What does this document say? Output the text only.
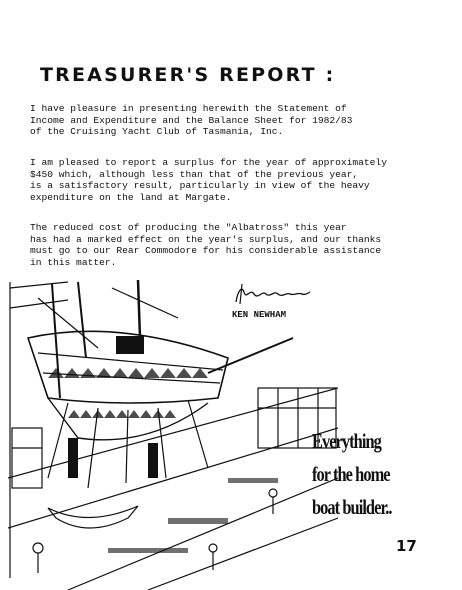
TREASURER'S REPORT :

I have pleasure in presenting herewith the Statement of
Income and Expenditure and the Balance Sheet for 1982/83
of the Cruising Yacht Club of Tasmania, Inc.

I am pleased to report a surplus for the year of approximately
$450 which, although less than that of the previous year,
is a satisfactory result, particularly in view of the heavy
expenditure on the land at Margate.

The reduced cost of producing the "Albatross" this year
has had a marked effect on the year's surplus, and our thanks
must go to our Rear Commodore for his considerable assistance
in this matter.

KEN NEWHAM
Everything
for the home
boat builder..
17
